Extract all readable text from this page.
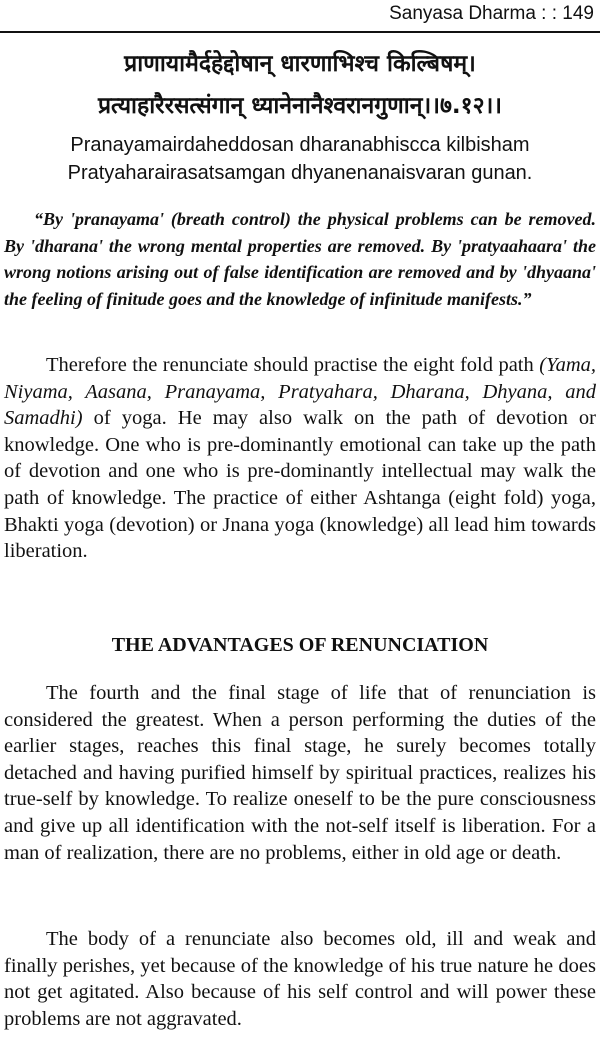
Sanyasa Dharma : : 149
प्राणायामैर्दहेद्दोषान् धारणाभिश्च किल्बिषम्।
प्रत्याहारैरसत्संगान् ध्यानेनानैश्वरानगुणान्।।७.१२।।
Pranayamairdaheddosan dharanabhiscca kilbisham
Pratyaharairasatsamgan dhyanenanaisvaran gunan.

“By 'pranayama' (breath control) the physical problems can be removed. By 'dharana' the wrong mental properties are removed. By 'pratyaahaara' the wrong notions arising out of false identification are removed and by 'dhyaana' the feeling of finitude goes and the knowledge of infinitude manifests.”

Therefore the renunciate should practise the eight fold path (Yama, Niyama, Aasana, Pranayama, Pratyahara, Dharana, Dhyana, and Samadhi) of yoga. He may also walk on the path of devotion or knowledge. One who is pre-dominantly emotional can take up the path of devotion and one who is pre-dominantly intellectual may walk the path of knowledge. The practice of either Ashtanga (eight fold) yoga, Bhakti yoga (devotion) or Jnana yoga (knowledge) all lead him towards liberation.

THE ADVANTAGES OF RENUNCIATION

The fourth and the final stage of life that of renunciation is considered the greatest. When a person performing the duties of the earlier stages, reaches this final stage, he surely becomes totally detached and having purified himself by spiritual practices, realizes his true-self by knowledge. To realize oneself to be the pure consciousness and give up all identification with the not-self itself is liberation. For a man of realization, there are no problems, either in old age or death.

The body of a renunciate also becomes old, ill and weak and finally perishes, yet because of the knowledge of his true nature he does not get agitated. Also because of his self control and will power these problems are not aggravated.
